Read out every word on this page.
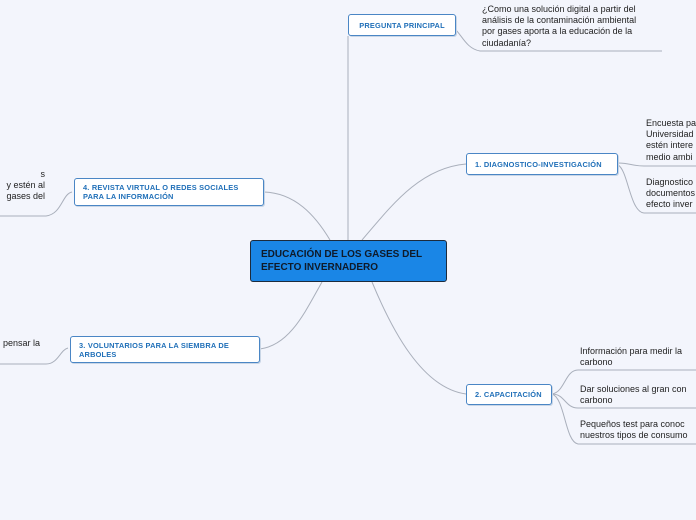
EDUCACIÓN DE LOS GASES DEL EFECTO INVERNADERO
PREGUNTA PRINCIPAL
¿Como una solución digital a partir del
análisis de la contaminación ambiental
por gases aporta a la educación de la
ciudadanía?
1. DIAGNOSTICO-INVESTIGACIÓN
Encuesta pa
Universidad
estén intere
medio ambi
Diagnostico
documentos
efecto inver
2. CAPACITACIÓN
Información para medir la
carbono
Dar soluciones al gran con
carbono
Pequeños test para conoc
nuestros tipos de consumo
3. VOLUNTARIOS PARA LA SIEMBRA DE ARBOLES
pensar la
4. REVISTA VIRTUAL O REDES SOCIALES PARA LA INFORMACIÓN
s
y estén al
gases del
